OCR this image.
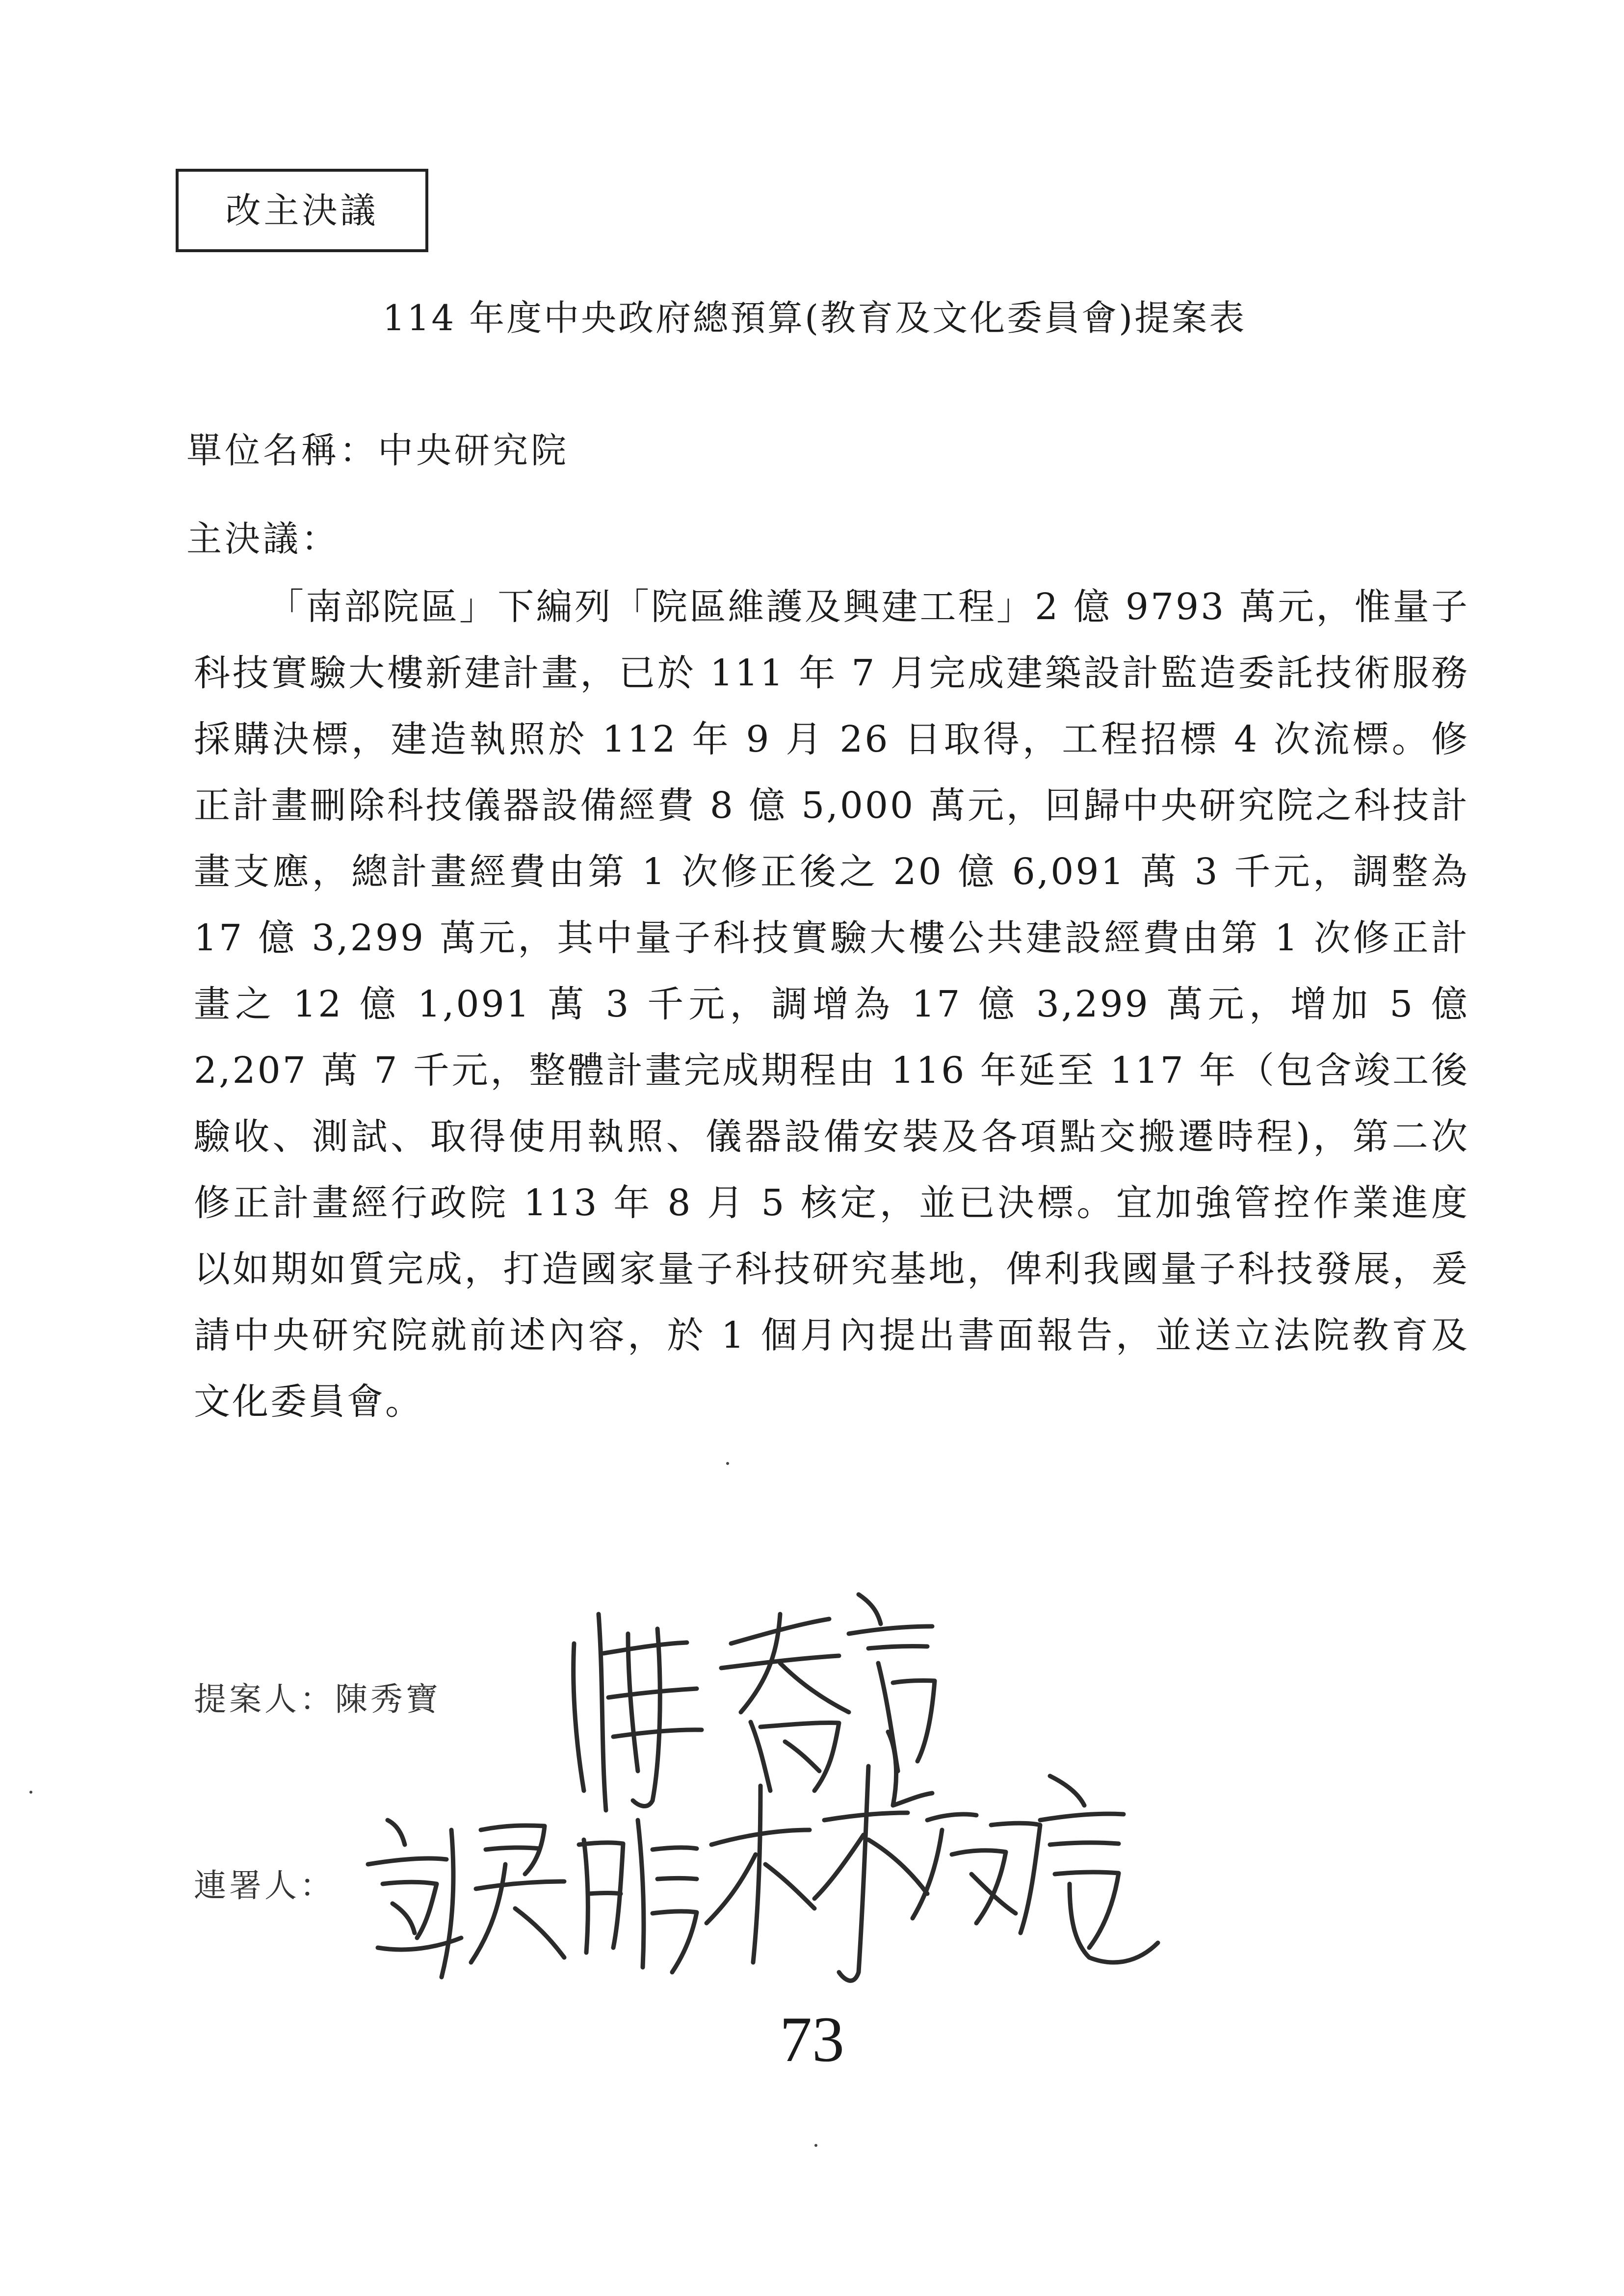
改主決議
114 年度中央政府總預算(教育及文化委員會)提案表
單位名稱：中央研究院
主決議：
「南部院區」下編列「院區維護及興建工程」2 億 9793 萬元，惟量子科技實驗大樓新建計畫，已於 111 年 7 月完成建築設計監造委託技術服務採購決標，建造執照於 112 年 9 月 26 日取得，工程招標 4 次流標。修正計畫刪除科技儀器設備經費 8 億 5,000 萬元，回歸中央研究院之科技計畫支應，總計畫經費由第 1 次修正後之 20 億 6,091 萬 3 千元，調整為 17 億 3,299 萬元，其中量子科技實驗大樓公共建設經費由第 1 次修正計畫之 12 億 1,091 萬 3 千元，調增為 17 億 3,299 萬元，增加 5 億 2,207 萬 7 千元，整體計畫完成期程由 116 年延至 117 年（包含竣工後驗收、測試、取得使用執照、儀器設備安裝及各項點交搬遷時程)，第二次修正計畫經行政院 113 年 8 月 5 核定，並已決標。宜加強管控作業進度以如期如質完成，打造國家量子科技研究基地，俾利我國量子科技發展，爰請中央研究院就前述內容，於 1 個月內提出書面報告，並送立法院教育及文化委員會。
提案人：陳秀寶
連署人：
73
